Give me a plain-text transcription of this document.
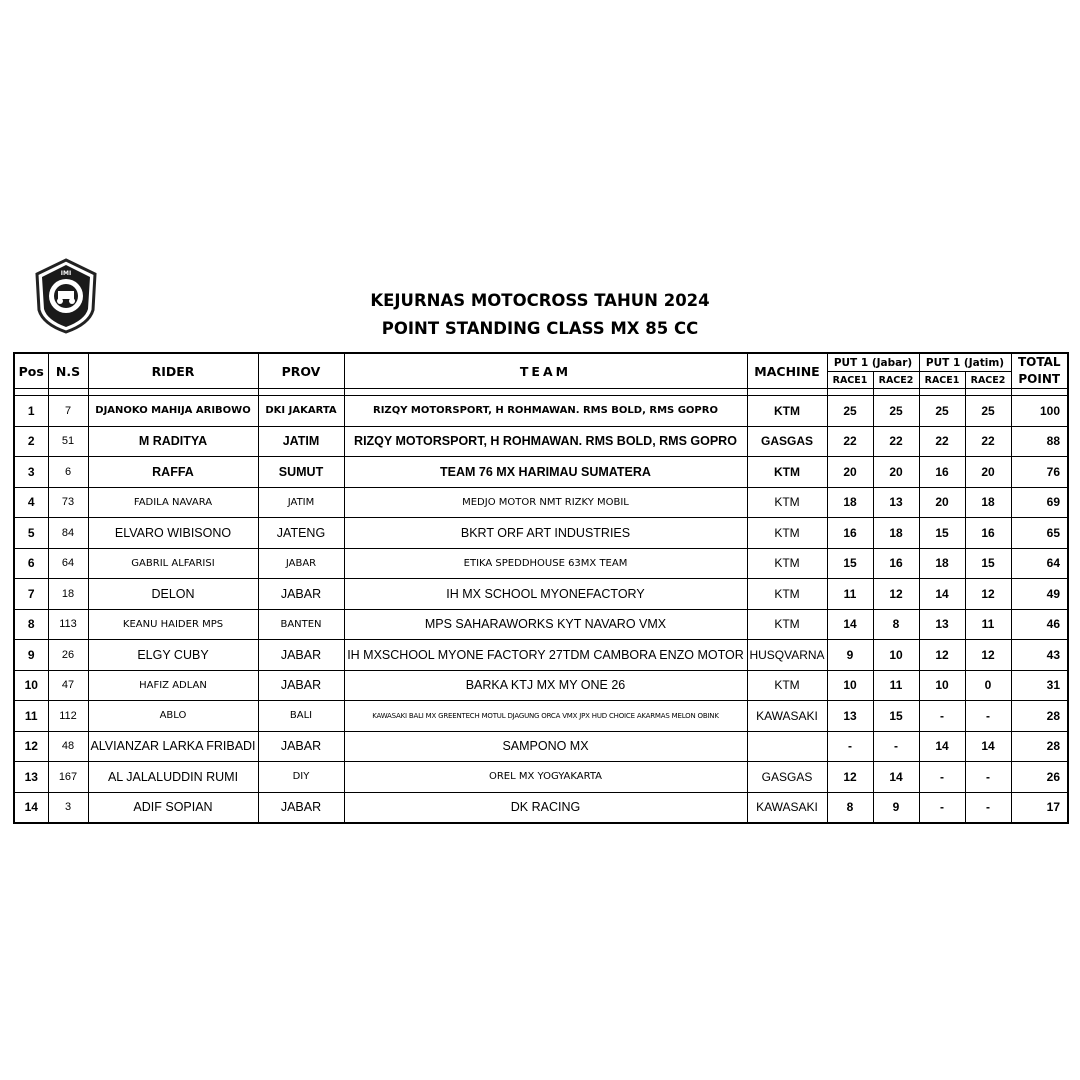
IMI
KEJURNAS MOTOCROSS TAHUN 2024
POINT STANDING CLASS MX 85 CC
Pos	N.S	RIDER	PROV	TEAM	MACHINE	PUT 1 (Jabar)		PUT 1 (Jatim)		TOTAL
POINT

						RACE1	RACE2	RACE1	RACE2	

1	7	DJANOKO MAHIJA ARIBOWO	DKI JAKARTA	RIZQY MOTORSPORT, H ROHMAWAN. RMS BOLD, RMS GOPRO	KTM	25	25	25	25	100
2	51	M RADITYA	JATIM	RIZQY MOTORSPORT, H ROHMAWAN. RMS BOLD, RMS GOPRO	GASGAS	22	22	22	22	88
3	6	RAFFA	SUMUT	TEAM 76 MX HARIMAU SUMATERA	KTM	20	20	16	20	76
4	73	FADILA NAVARA	JATIM	MEDJO MOTOR NMT RIZKY MOBIL	KTM	18	13	20	18	69
5	84	ELVARO WIBISONO	JATENG	BKRT ORF ART INDUSTRIES	KTM	16	18	15	16	65
6	64	GABRIL ALFARISI	JABAR	ETIKA SPEDDHOUSE 63MX TEAM	KTM	15	16	18	15	64
7	18	DELON	JABAR	IH MX SCHOOL MYONEFACTORY	KTM	11	12	14	12	49
8	113	KEANU HAIDER MPS	BANTEN	MPS SAHARAWORKS KYT NAVARO VMX	KTM	14	8	13	11	46
9	26	ELGY CUBY	JABAR	IH MXSCHOOL MYONE FACTORY 27TDM CAMBORA ENZO MOTOR	HUSQVARNA	9	10	12	12	43
10	47	HAFIZ ADLAN	JABAR	BARKA KTJ MX MY ONE 26	KTM	10	11	10	0	31
11	112	ABLO	BALI	KAWASAKI BALI MX GREENTECH MOTUL DJAGUNG ORCA VMX JPX HUD CHOICE AKARMAS MELON OBINK	KAWASAKI	13	15	-	-	28
12	48	ALVIANZAR LARKA FRIBADI	JABAR	SAMPONO MX		-	-	14	14	28
13	167	AL JALALUDDIN RUMI	DIY	OREL MX YOGYAKARTA	GASGAS	12	14	-	-	26
14	3	ADIF SOPIAN	JABAR	DK RACING	KAWASAKI	8	9	-	-	17
